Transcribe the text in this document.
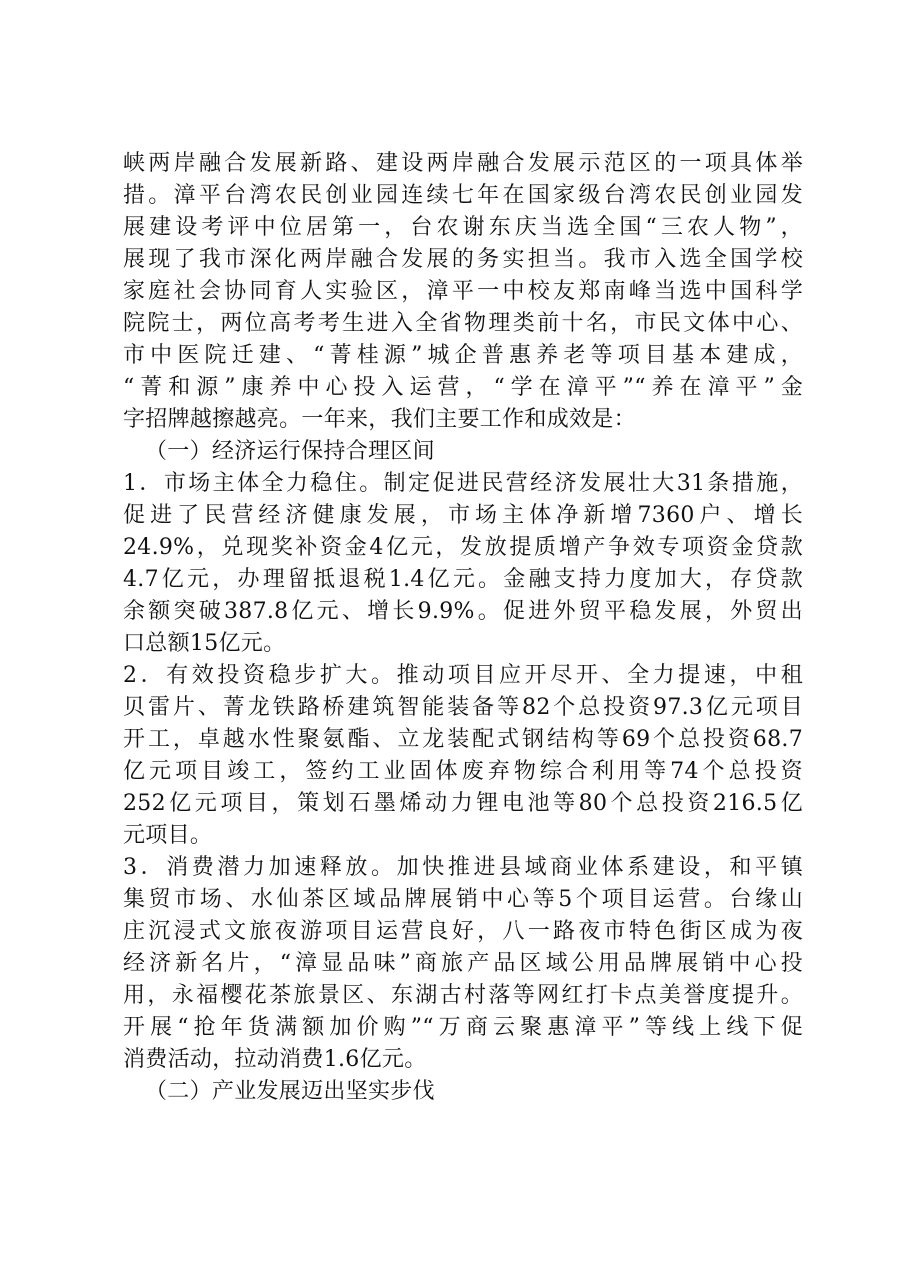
峡两岸融合发展新路、建设两岸融合发展示范区的一项具体举
措。漳平台湾农民创业园连续七年在国家级台湾农民创业园发
展建设考评中位居第一，台农谢东庆当选全国“三农人物”，
展现了我市深化两岸融合发展的务实担当。我市入选全国学校
家庭社会协同育人实验区，漳平一中校友郑南峰当选中国科学
院院士，两位高考考生进入全省物理类前十名，市民文体中心、
市中医院迁建、“菁桂源”城企普惠养老等项目基本建成，
“菁和源”康养中心投入运营，“学在漳平”“养在漳平”金
字招牌越擦越亮。一年来，我们主要工作和成效是：
（一）经济运行保持合理区间
1．市场主体全力稳住。制定促进民营经济发展壮大31条措施，
促进了民营经济健康发展，市场主体净新增7360户、增长
24.9%，兑现奖补资金4亿元，发放提质增产争效专项资金贷款
4.7亿元，办理留抵退税1.4亿元。金融支持力度加大，存贷款
余额突破387.8亿元、增长9.9%。促进外贸平稳发展，外贸出
口总额15亿元。
2．有效投资稳步扩大。推动项目应开尽开、全力提速，中租
贝雷片、菁龙铁路桥建筑智能装备等82个总投资97.3亿元项目
开工，卓越水性聚氨酯、立龙装配式钢结构等69个总投资68.7
亿元项目竣工，签约工业固体废弃物综合利用等74个总投资
252亿元项目，策划石墨烯动力锂电池等80个总投资216.5亿
元项目。
3．消费潜力加速释放。加快推进县域商业体系建设，和平镇
集贸市场、水仙茶区域品牌展销中心等5个项目运营。台缘山
庄沉浸式文旅夜游项目运营良好，八一路夜市特色街区成为夜
经济新名片，“漳显品味”商旅产品区域公用品牌展销中心投
用，永福樱花茶旅景区、东湖古村落等网红打卡点美誉度提升。
开展“抢年货满额加价购”“万商云聚惠漳平”等线上线下促
消费活动，拉动消费1.6亿元。
（二）产业发展迈出坚实步伐
